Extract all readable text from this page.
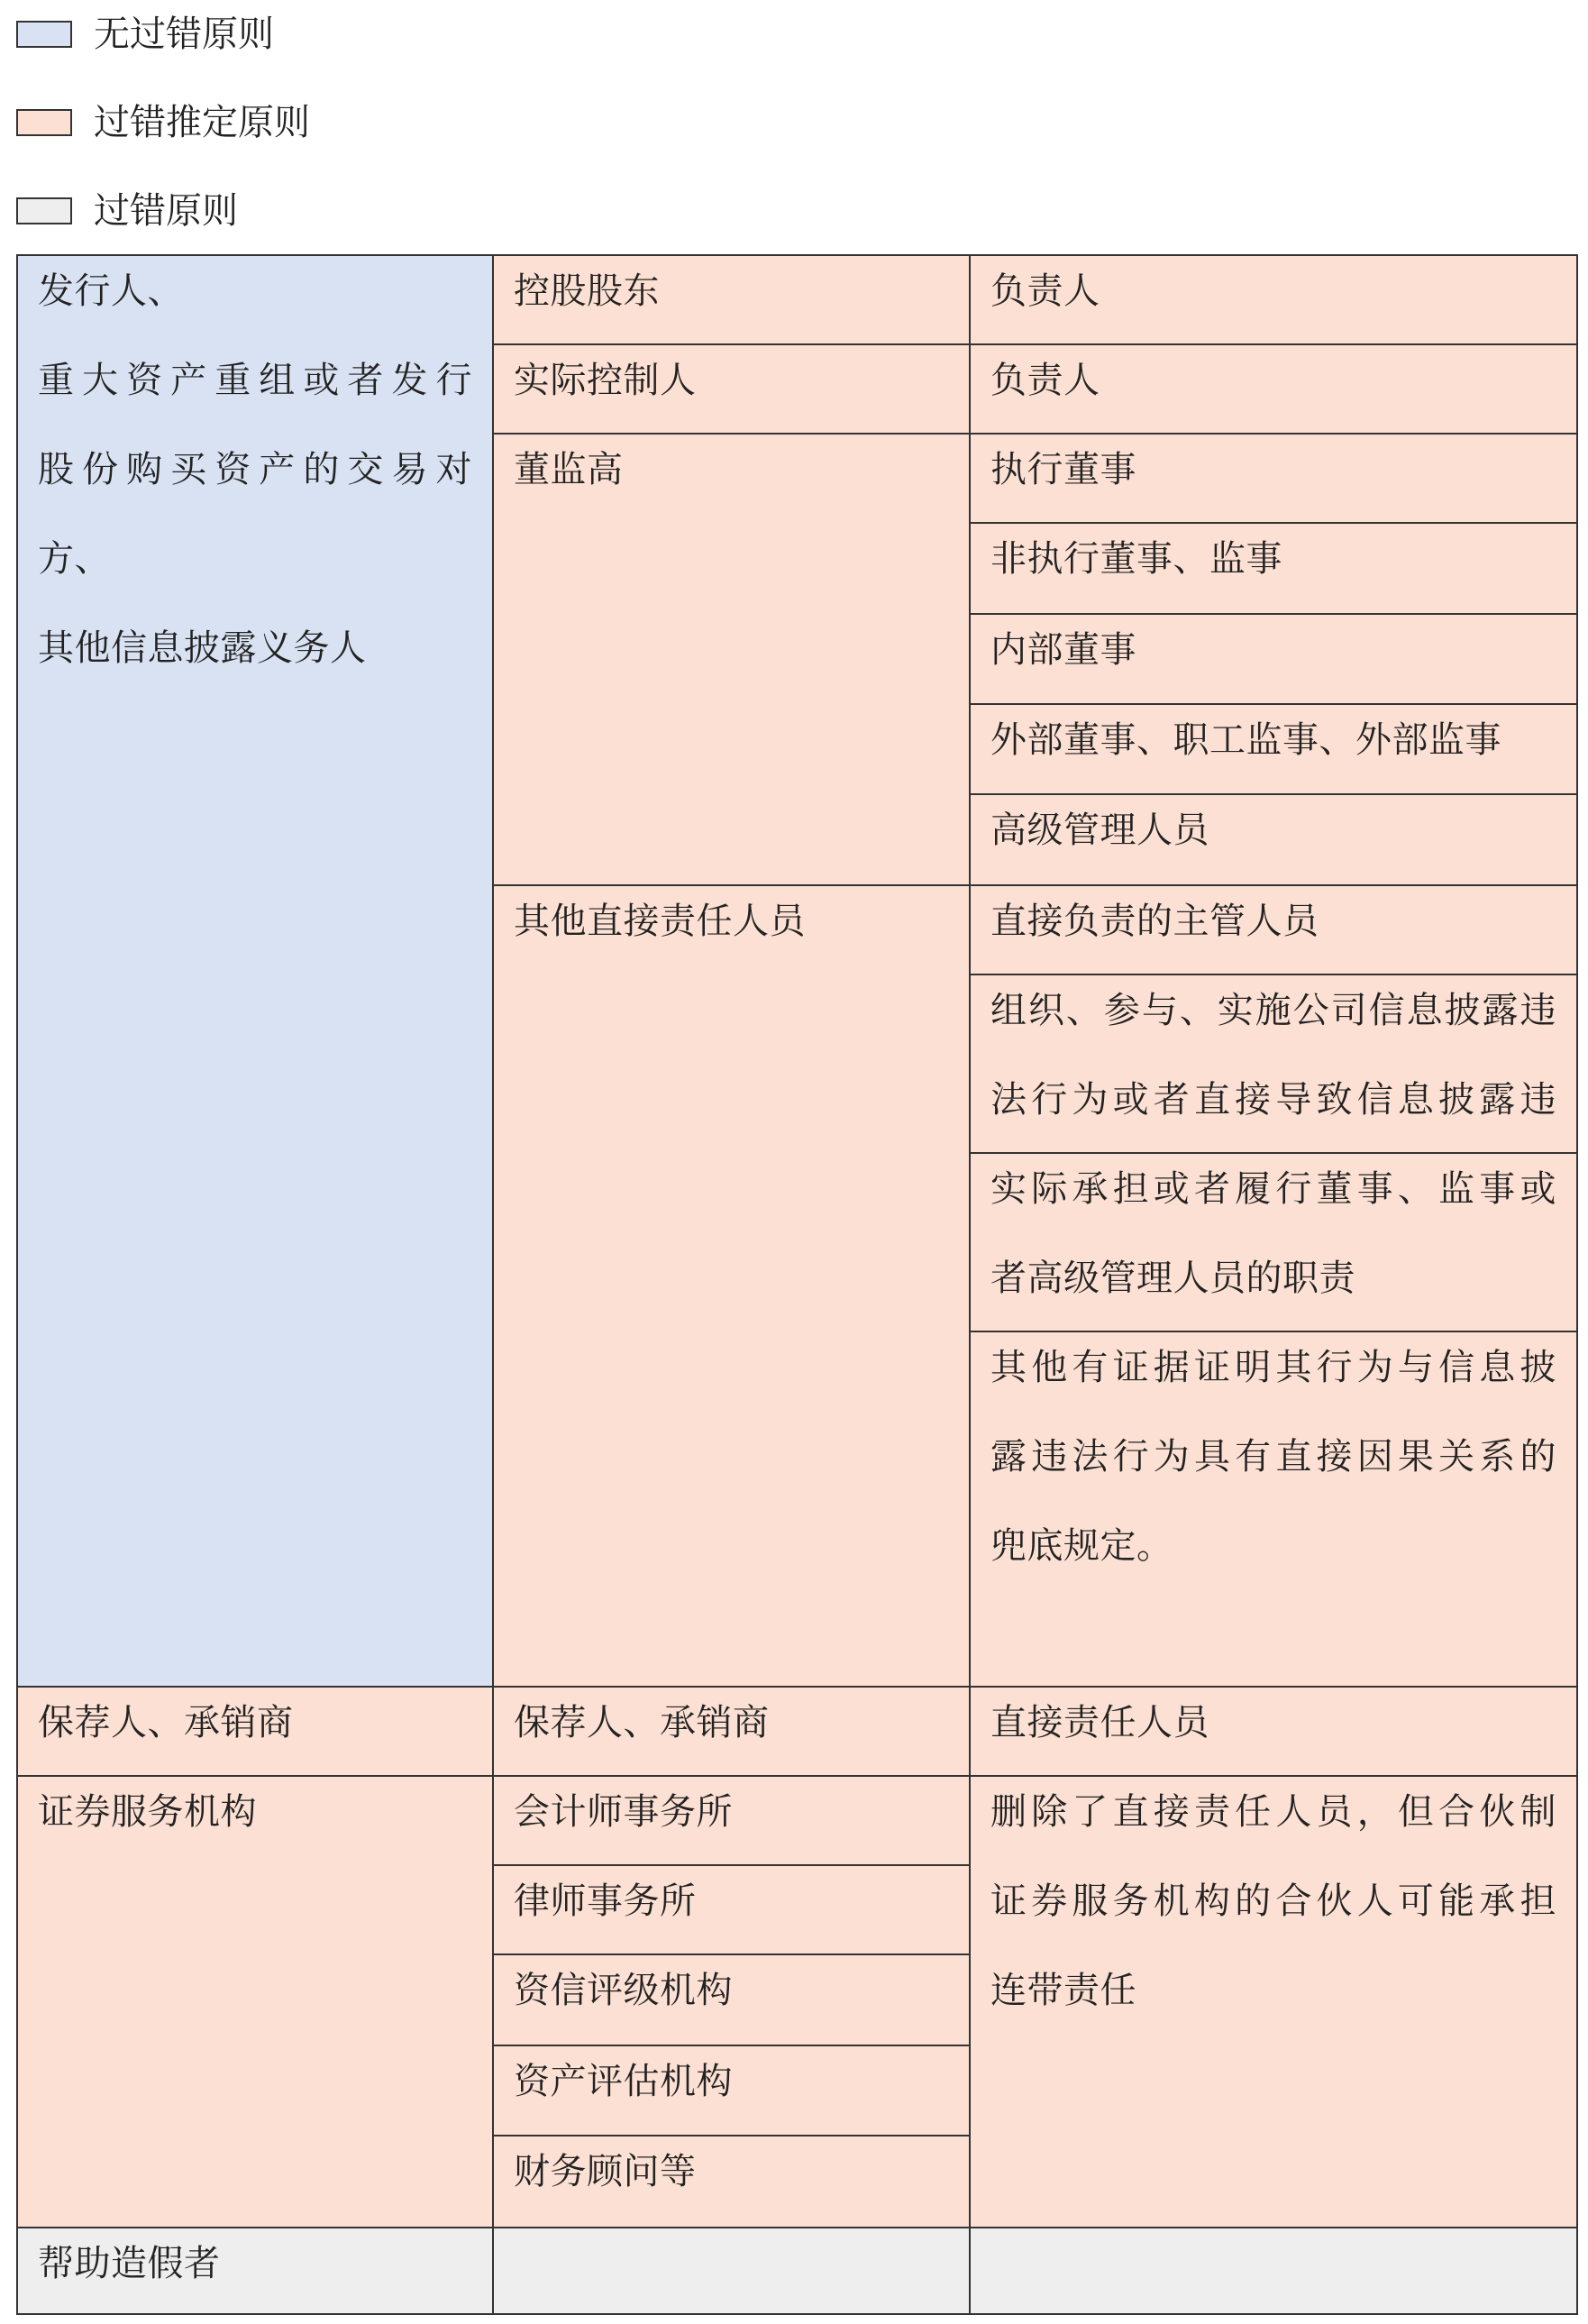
无过错原则
过错推定原则
过错原则
发行人、
重大资产重组或者发行
股份购买资产的交易对
方、
其他信息披露义务人
保荐人、承销商
证券服务机构
帮助造假者
控股股东
实际控制人
董监高
其他直接责任人员
保荐人、承销商
会计师事务所
律师事务所
资信评级机构
资产评估机构
财务顾问等
负责人
负责人
执行董事
非执行董事、监事
内部董事
外部董事、职工监事、外部监事
高级管理人员
直接负责的主管人员
组织、参与、实施公司信息披露违
法行为或者直接导致信息披露违
实际承担或者履行董事、监事或
者高级管理人员的职责
其他有证据证明其行为与信息披
露违法行为具有直接因果关系的
兜底规定。
直接责任人员
删除了直接责任人员，但合伙制
证券服务机构的合伙人可能承担
连带责任
